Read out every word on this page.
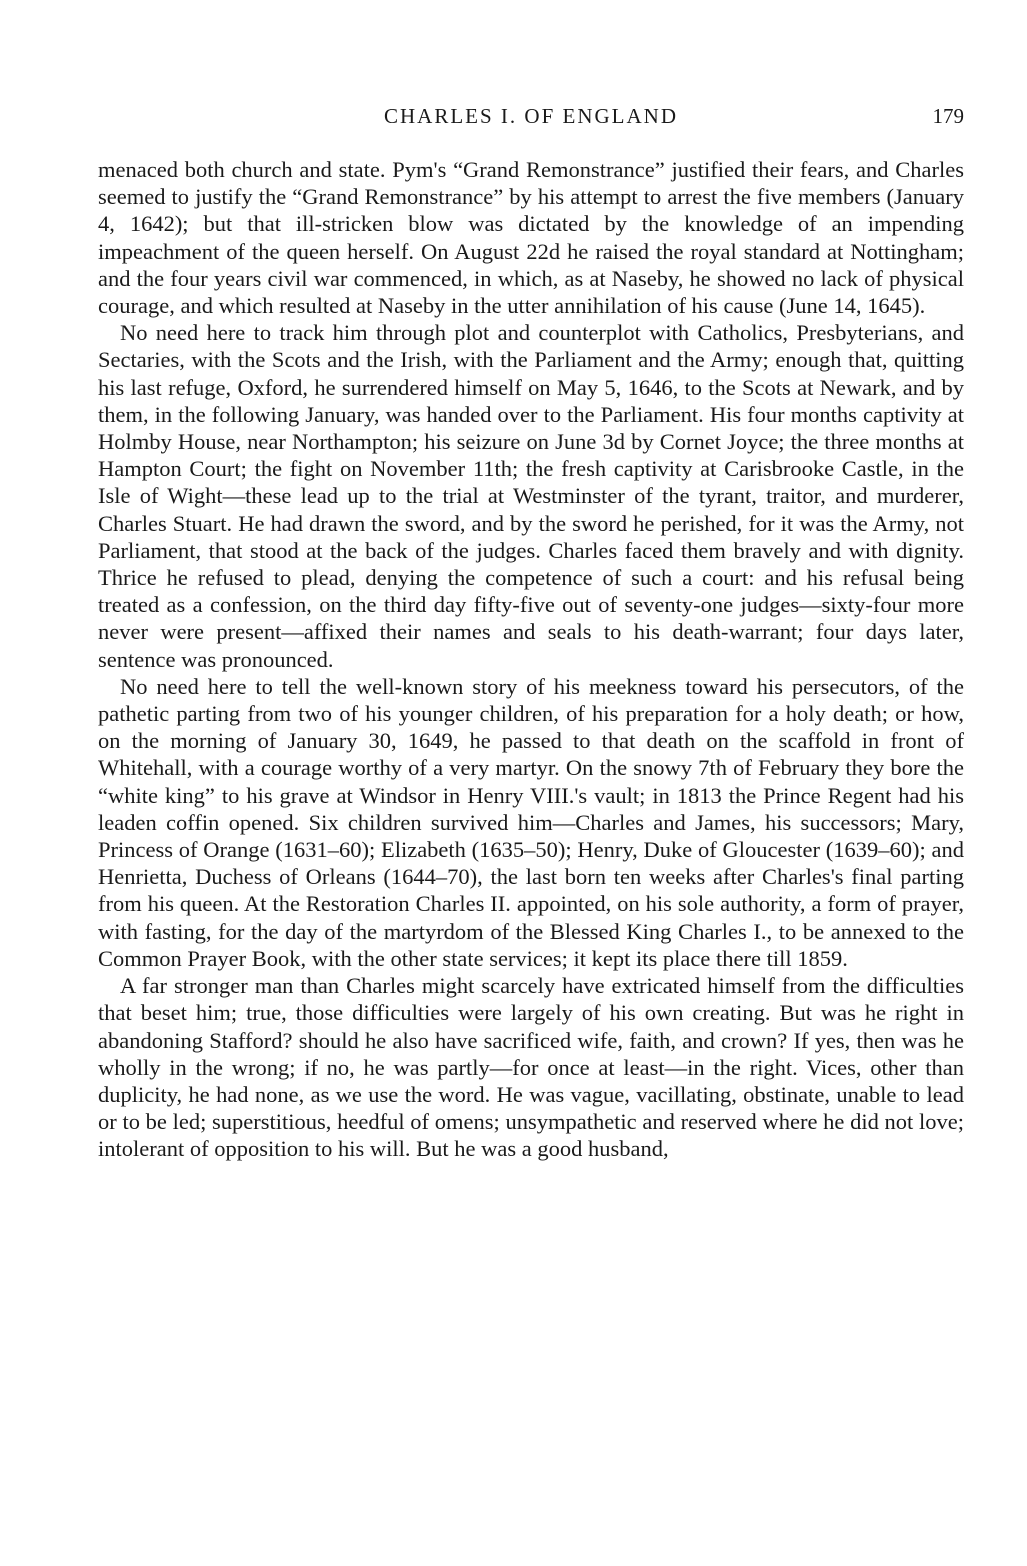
CHARLES I. OF ENGLAND	179

menaced both church and state. Pym's “Grand Remonstrance” justified their fears, and Charles seemed to justify the “Grand Remonstrance” by his attempt to arrest the five members (January 4, 1642); but that ill-stricken blow was dictated by the knowledge of an impending impeachment of the queen herself. On August 22d he raised the royal standard at Nottingham; and the four years civil war commenced, in which, as at Naseby, he showed no lack of physical courage, and which resulted at Naseby in the utter annihilation of his cause (June 14, 1645).

No need here to track him through plot and counterplot with Catholics, Presbyterians, and Sectaries, with the Scots and the Irish, with the Parliament and the Army; enough that, quitting his last refuge, Oxford, he surrendered himself on May 5, 1646, to the Scots at Newark, and by them, in the following January, was handed over to the Parliament. His four months captivity at Holmby House, near Northampton; his seizure on June 3d by Cornet Joyce; the three months at Hampton Court; the fight on November 11th; the fresh captivity at Carisbrooke Castle, in the Isle of Wight—these lead up to the trial at Westminster of the tyrant, traitor, and murderer, Charles Stuart. He had drawn the sword, and by the sword he perished, for it was the Army, not Parliament, that stood at the back of the judges. Charles faced them bravely and with dignity. Thrice he refused to plead, denying the competence of such a court: and his refusal being treated as a confession, on the third day fifty-five out of seventy-one judges—sixty-four more never were present—affixed their names and seals to his death-warrant; four days later, sentence was pronounced.

No need here to tell the well-known story of his meekness toward his persecutors, of the pathetic parting from two of his younger children, of his preparation for a holy death; or how, on the morning of January 30, 1649, he passed to that death on the scaffold in front of Whitehall, with a courage worthy of a very martyr. On the snowy 7th of February they bore the “white king” to his grave at Windsor in Henry VIII.'s vault; in 1813 the Prince Regent had his leaden coffin opened. Six children survived him—Charles and James, his successors; Mary, Princess of Orange (1631–60); Elizabeth (1635–50); Henry, Duke of Gloucester (1639–60); and Henrietta, Duchess of Orleans (1644–70), the last born ten weeks after Charles's final parting from his queen. At the Restoration Charles II. appointed, on his sole authority, a form of prayer, with fasting, for the day of the martyrdom of the Blessed King Charles I., to be annexed to the Common Prayer Book, with the other state services; it kept its place there till 1859.

A far stronger man than Charles might scarcely have extricated himself from the difficulties that beset him; true, those difficulties were largely of his own creating. But was he right in abandoning Stafford? should he also have sacrificed wife, faith, and crown? If yes, then was he wholly in the wrong; if no, he was partly—for once at least—in the right. Vices, other than duplicity, he had none, as we use the word. He was vague, vacillating, obstinate, unable to lead or to be led; superstitious, heedful of omens; unsympathetic and reserved where he did not love; intolerant of opposition to his will. But he was a good husband,
